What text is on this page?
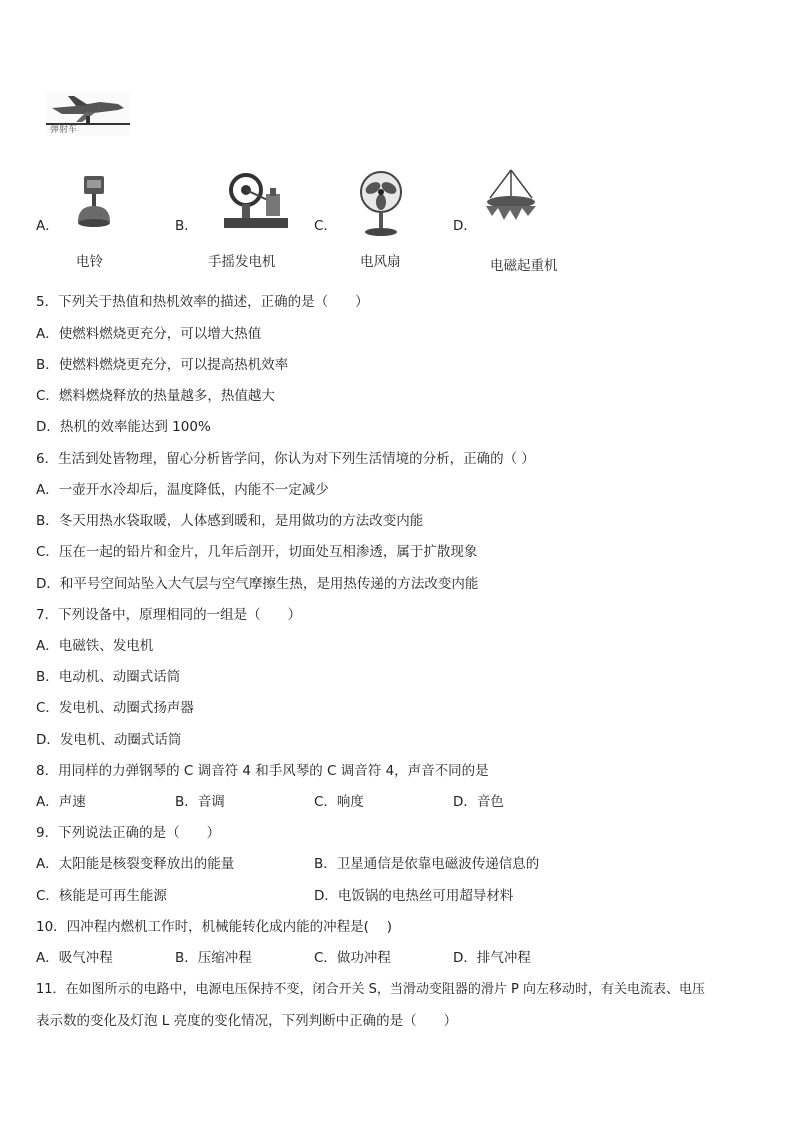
弹射车
A．
电铃
B．
手摇发电机
C．
电风扇
D．
电磁起重机
5．下列关于热值和热机效率的描述，正确的是（　　）
A．使燃料燃烧更充分，可以增大热值
B．使燃料燃烧更充分，可以提高热机效率
C．燃料燃烧释放的热量越多，热值越大
D．热机的效率能达到 100%
6．生活到处皆物理，留心分析皆学问，你认为对下列生活情境的分析，正确的（ ）
A．一壶开水冷却后，温度降低，内能不一定减少
B．冬天用热水袋取暖，人体感到暖和，是用做功的方法改变内能
C．压在一起的铅片和金片，几年后剖开，切面处互相渗透，属于扩散现象
D．和平号空间站坠入大气层与空气摩擦生热，是用热传递的方法改变内能
7．下列设备中，原理相同的一组是（　　）
A．电磁铁、发电机
B．电动机、动圈式话筒
C．发电机、动圈式扬声器
D．发电机、动圈式话筒
8．用同样的力弹钢琴的 C 调音符 4 和手风琴的 C 调音符 4，声音不同的是
A．声速	B．音调	C．响度	D．音色
9．下列说法正确的是（　　）
A．太阳能是核裂变释放出的能量	B．卫星通信是依靠电磁波传递信息的
C．核能是可再生能源	D．电饭锅的电热丝可用超导材料
10．四冲程内燃机工作时，机械能转化成内能的冲程是(　 )
A．吸气冲程	B．压缩冲程	C．做功冲程	D．排气冲程
11．在如图所示的电路中，电源电压保持不变，闭合开关 S，当滑动变阻器的滑片 P 向左移动时，有关电流表、电压
表示数的变化及灯泡 L 亮度的变化情况，下列判断中正确的是（　　）
